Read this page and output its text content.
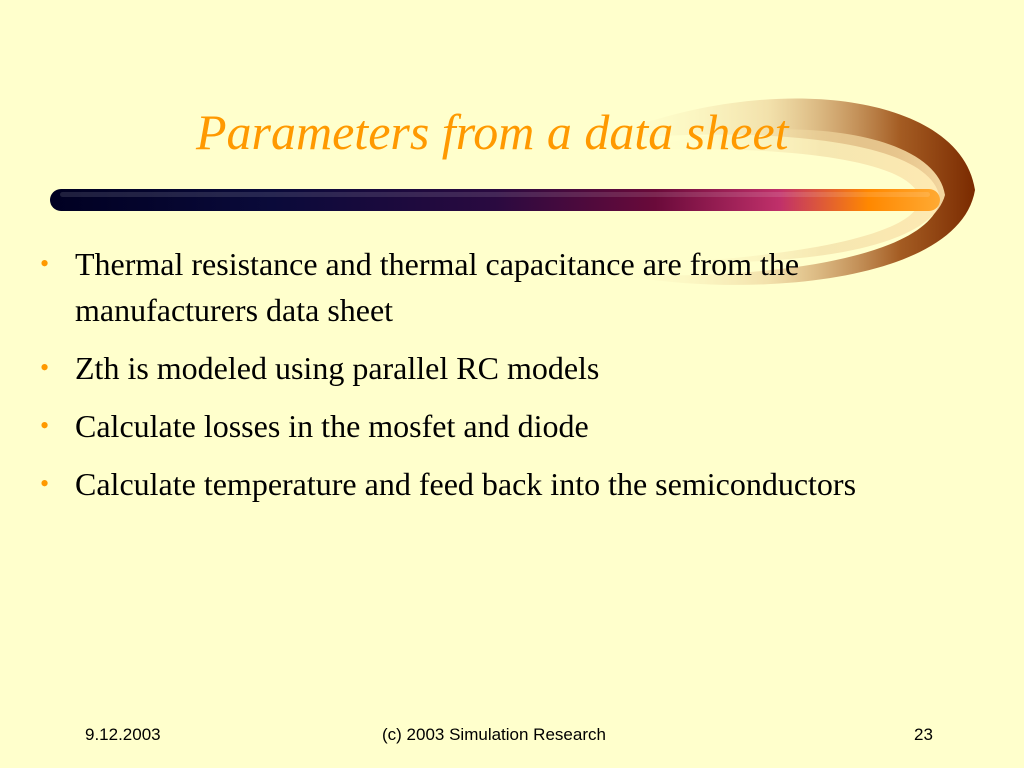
Parameters from a data sheet
• Thermal resistance and thermal capacitance are from the manufacturers data sheet
• Zth is modeled using parallel RC models
• Calculate losses in the mosfet and diode
• Calculate temperature and feed back into the semiconductors
9.12.2003	(c) 2003 Simulation Research	23
